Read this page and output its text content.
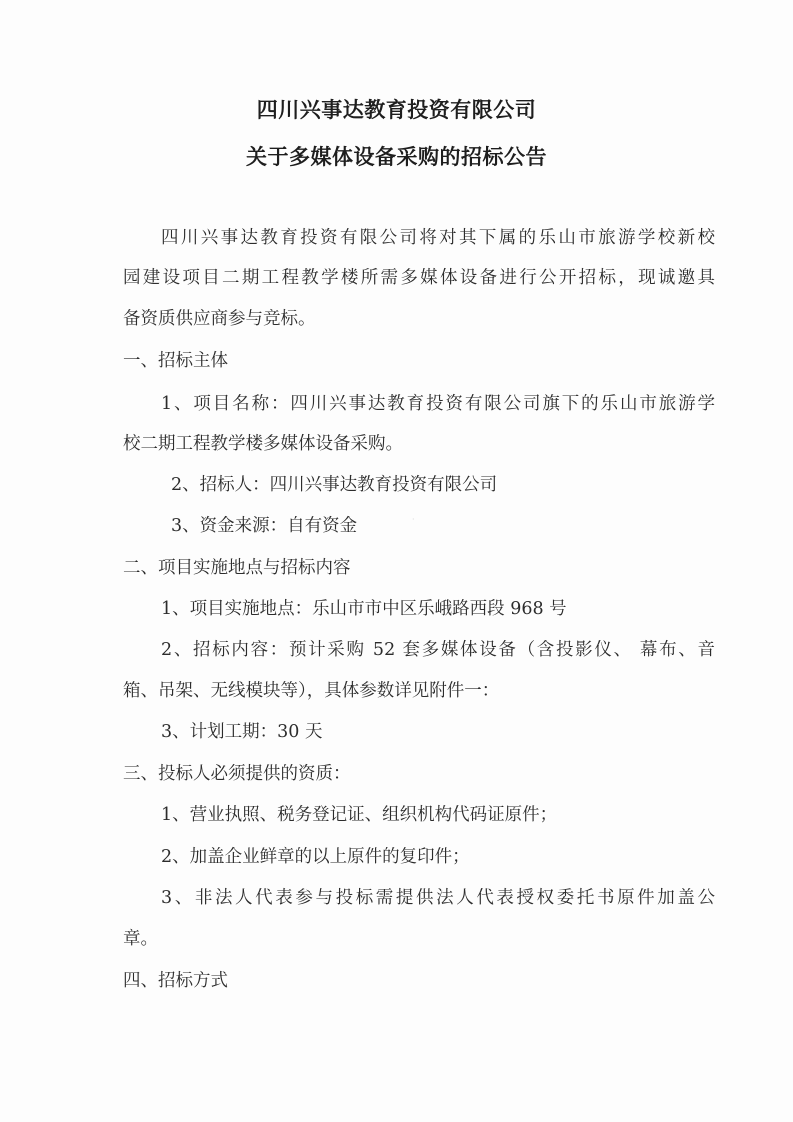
四川兴事达教育投资有限公司
关于多媒体设备采购的招标公告
四川兴事达教育投资有限公司将对其下属的乐山市旅游学校新校
园建设项目二期工程教学楼所需多媒体设备进行公开招标，现诚邀具
备资质供应商参与竞标。
一、招标主体
1、项目名称：四川兴事达教育投资有限公司旗下的乐山市旅游学
校二期工程教学楼多媒体设备采购。
2、招标人：四川兴事达教育投资有限公司
3、资金来源：自有资金
二、项目实施地点与招标内容
1、项目实施地点：乐山市市中区乐峨路西段 968 号
2、招标内容：预计采购 52 套多媒体设备（含投影仪、 幕布、音
箱、吊架、无线模块等），具体参数详见附件一：
3、计划工期：30 天
三、投标人必须提供的资质：
1、营业执照、税务登记证、组织机构代码证原件；
2、加盖企业鲜章的以上原件的复印件；
3、非法人代表参与投标需提供法人代表授权委托书原件加盖公
章。
四、招标方式
·
